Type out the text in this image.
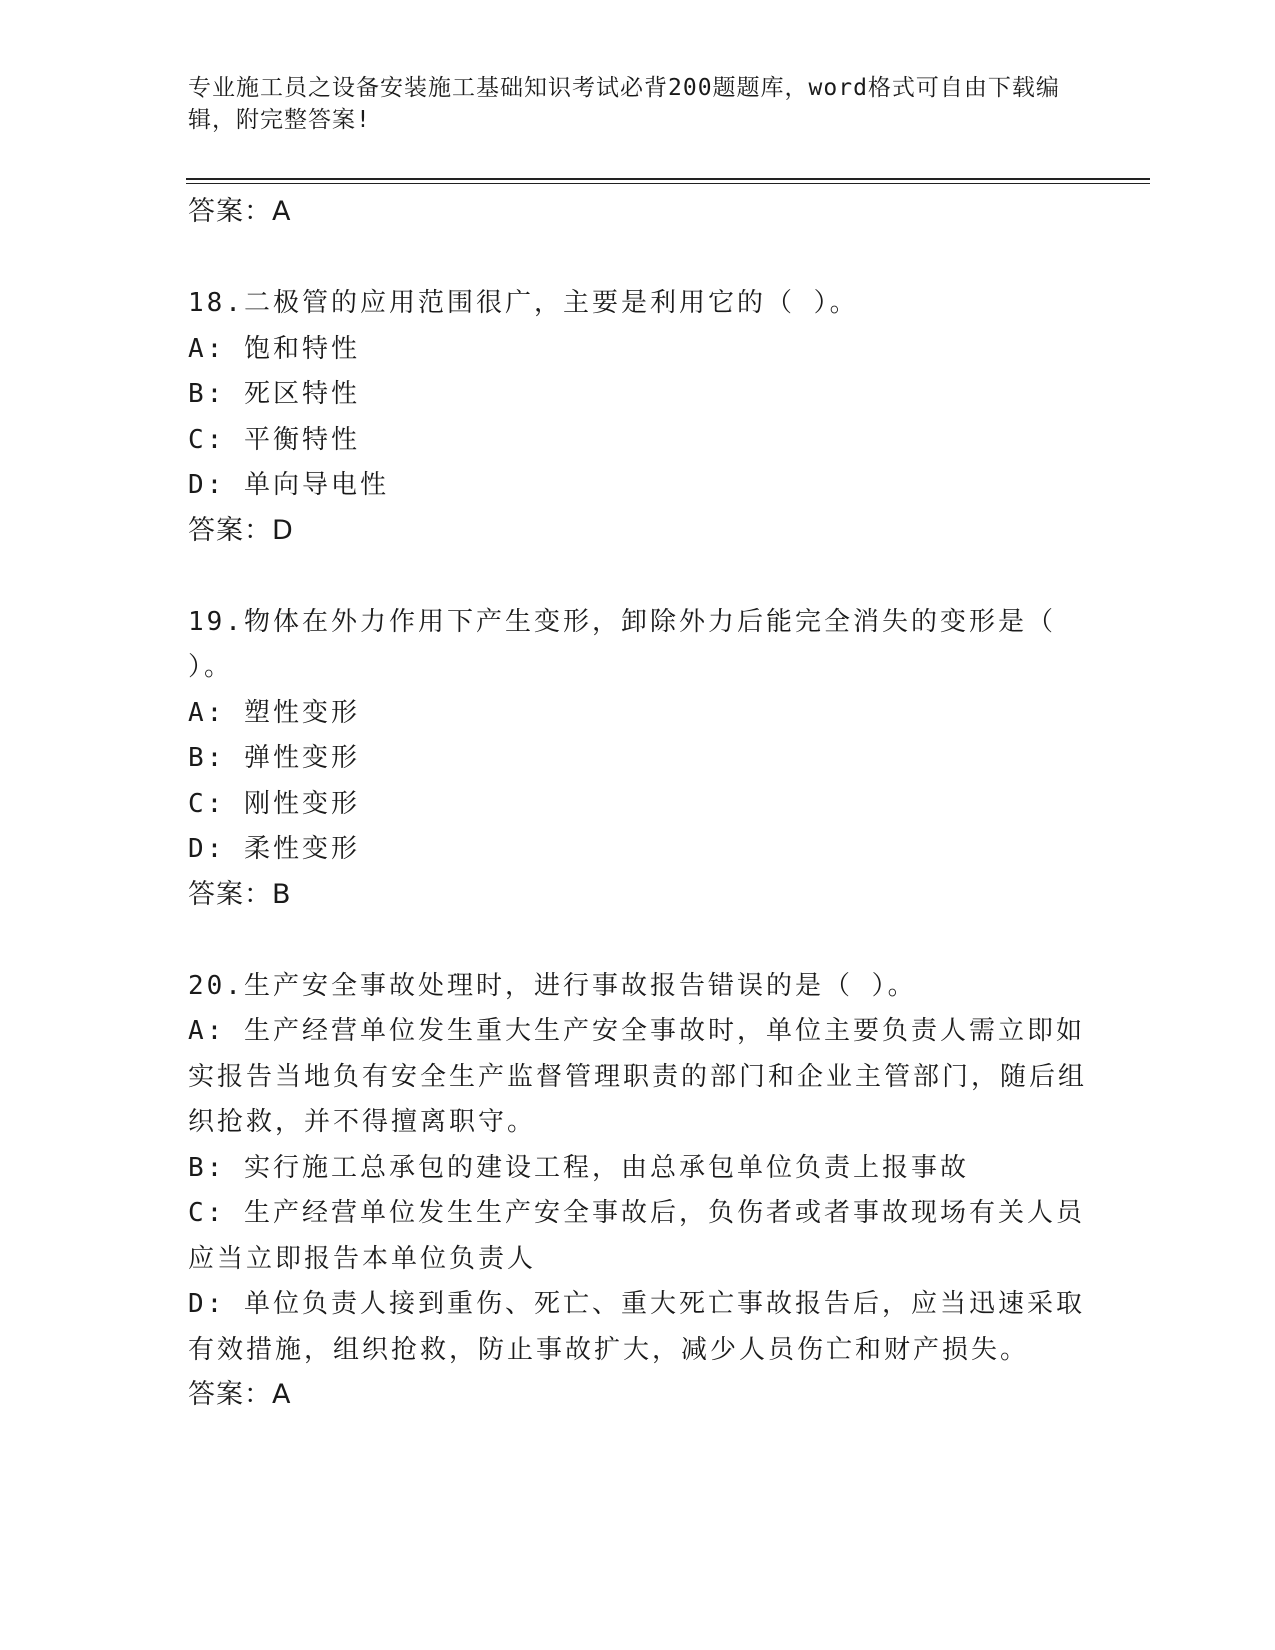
专业施工员之设备安装施工基础知识考试必背200题题库，word格式可自由下载编辑，附完整答案!
答案：A
18.二极管的应用范围很广，主要是利用它的（ ）。
A: 饱和特性
B: 死区特性
C: 平衡特性
D: 单向导电性
答案：D
19.物体在外力作用下产生变形，卸除外力后能完全消失的变形是（ ）。
A: 塑性变形
B: 弹性变形
C: 刚性变形
D: 柔性变形
答案：B
20.生产安全事故处理时，进行事故报告错误的是（ ）。
A: 生产经营单位发生重大生产安全事故时，单位主要负责人需立即如实报告当地负有安全生产监督管理职责的部门和企业主管部门，随后组织抢救，并不得擅离职守。
B: 实行施工总承包的建设工程，由总承包单位负责上报事故
C: 生产经营单位发生生产安全事故后，负伤者或者事故现场有关人员应当立即报告本单位负责人
D: 单位负责人接到重伤、死亡、重大死亡事故报告后，应当迅速采取有效措施，组织抢救，防止事故扩大，减少人员伤亡和财产损失。
答案：A
